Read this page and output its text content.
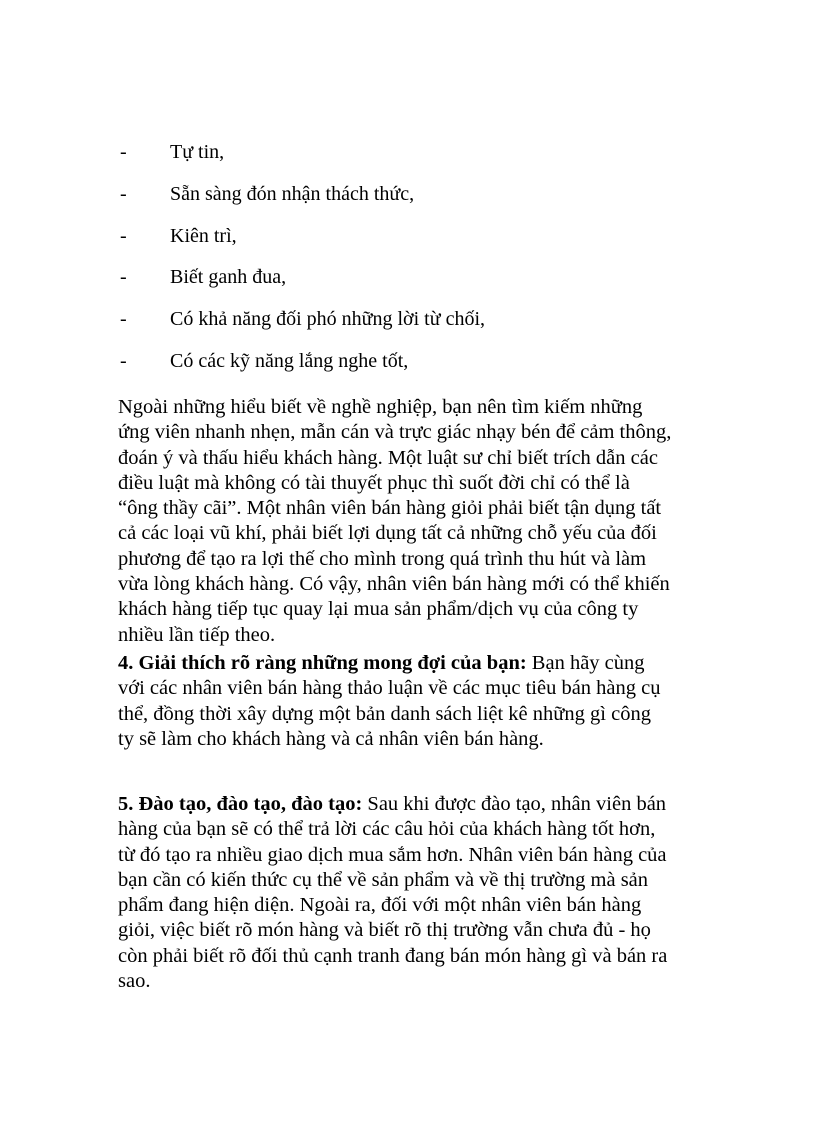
- Tự tin,
- Sẵn sàng đón nhận thách thức,
- Kiên trì,
- Biết ganh đua,
- Có khả năng đối phó những lời từ chối,
- Có các kỹ năng lắng nghe tốt,

Ngoài những hiểu biết về nghề nghiệp, bạn nên tìm kiếm những
ứng viên nhanh nhẹn, mẫn cán và trực giác nhạy bén để cảm thông,
đoán ý và thấu hiểu khách hàng. Một luật sư chỉ biết trích dẫn các
điều luật mà không có tài thuyết phục thì suốt đời chỉ có thể là
“ông thầy cãi”. Một nhân viên bán hàng giỏi phải biết tận dụng tất
cả các loại vũ khí, phải biết lợi dụng tất cả những chỗ yếu của đối
phương để tạo ra lợi thế cho mình trong quá trình thu hút và làm
vừa lòng khách hàng. Có vậy, nhân viên bán hàng mới có thể khiến
khách hàng tiếp tục quay lại mua sản phẩm/dịch vụ của công ty
nhiều lần tiếp theo.

4. Giải thích rõ ràng những mong đợi của bạn: Bạn hãy cùng
với các nhân viên bán hàng thảo luận về các mục tiêu bán hàng cụ
thể, đồng thời xây dựng một bản danh sách liệt kê những gì công
ty sẽ làm cho khách hàng và cả nhân viên bán hàng.

5. Đào tạo, đào tạo, đào tạo: Sau khi được đào tạo, nhân viên bán
hàng của bạn sẽ có thể trả lời các câu hỏi của khách hàng tốt hơn,
từ đó tạo ra nhiều giao dịch mua sắm hơn. Nhân viên bán hàng của
bạn cần có kiến thức cụ thể về sản phẩm và về thị trường mà sản
phẩm đang hiện diện. Ngoài ra, đối với một nhân viên bán hàng
giỏi, việc biết rõ món hàng và biết rõ thị trường vẫn chưa đủ - họ
còn phải biết rõ đối thủ cạnh tranh đang bán món hàng gì và bán ra
sao.
